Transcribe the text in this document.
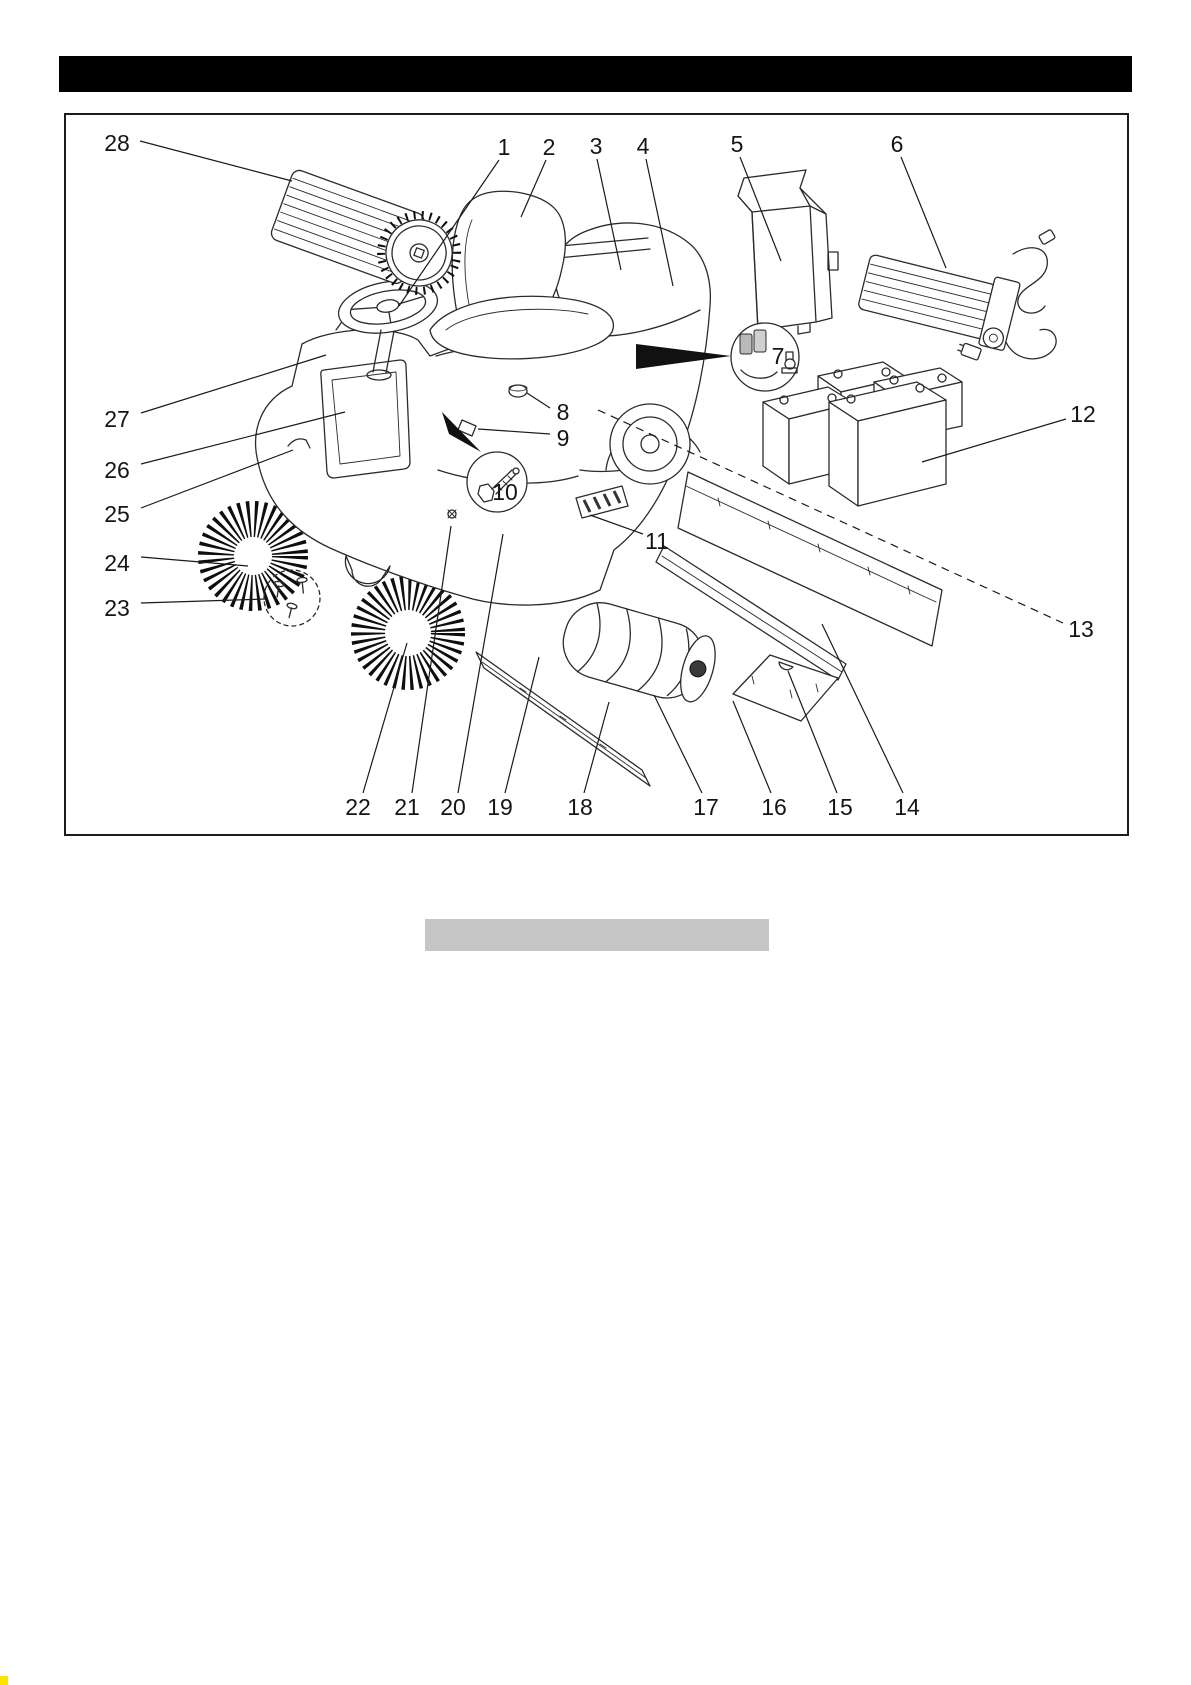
1 2 3 4	5	6
7
8
9
10
11
12
13
14
15
16
17
18
19
20
21
22
23
24
25
26
27
28
